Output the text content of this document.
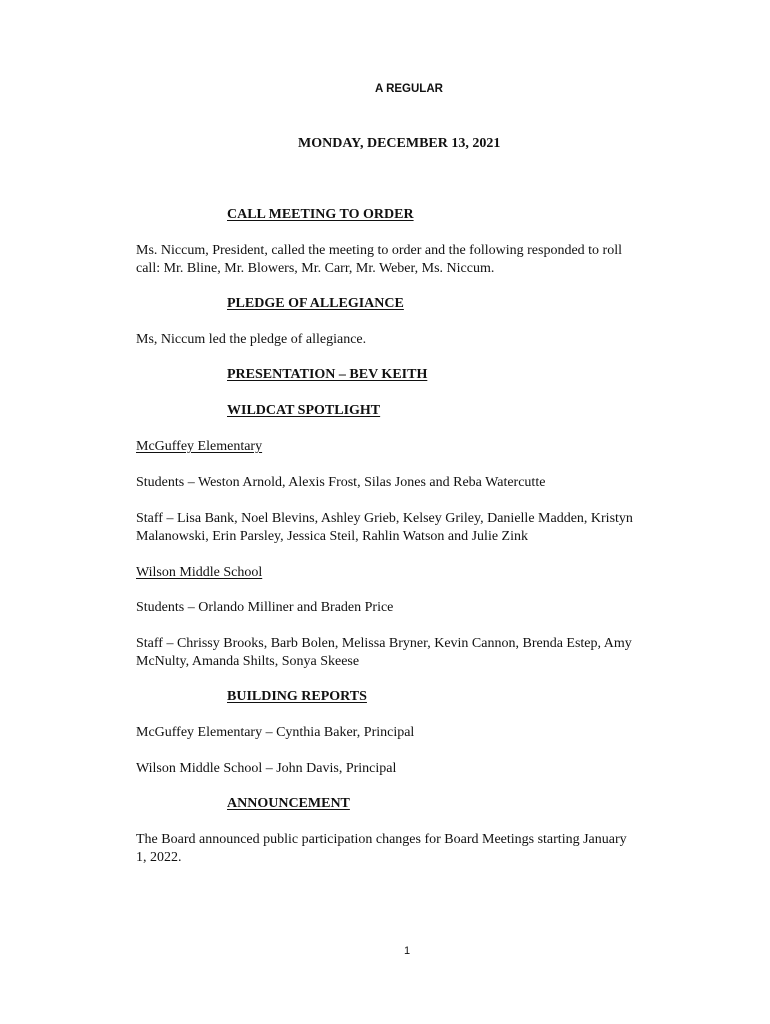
A REGULAR
MONDAY, DECEMBER 13, 2021
CALL MEETING TO ORDER
Ms. Niccum, President, called the meeting to order and the following responded to roll
call: Mr. Bline, Mr. Blowers, Mr. Carr, Mr. Weber, Ms. Niccum.
PLEDGE OF ALLEGIANCE
Ms, Niccum led the pledge of allegiance.
PRESENTATION – BEV KEITH
WILDCAT SPOTLIGHT
McGuffey Elementary
Students – Weston Arnold, Alexis Frost, Silas Jones and Reba Watercutte
Staff – Lisa Bank, Noel Blevins, Ashley Grieb, Kelsey Griley, Danielle Madden, Kristyn
Malanowski, Erin Parsley, Jessica Steil, Rahlin Watson and Julie Zink
Wilson Middle School
Students – Orlando Milliner and Braden Price
Staff – Chrissy Brooks, Barb Bolen, Melissa Bryner, Kevin Cannon, Brenda Estep, Amy
McNulty, Amanda Shilts, Sonya Skeese
BUILDING REPORTS
McGuffey Elementary – Cynthia Baker, Principal
Wilson Middle School – John Davis, Principal
ANNOUNCEMENT
The Board announced public participation changes for Board Meetings starting January
1, 2022.
1
